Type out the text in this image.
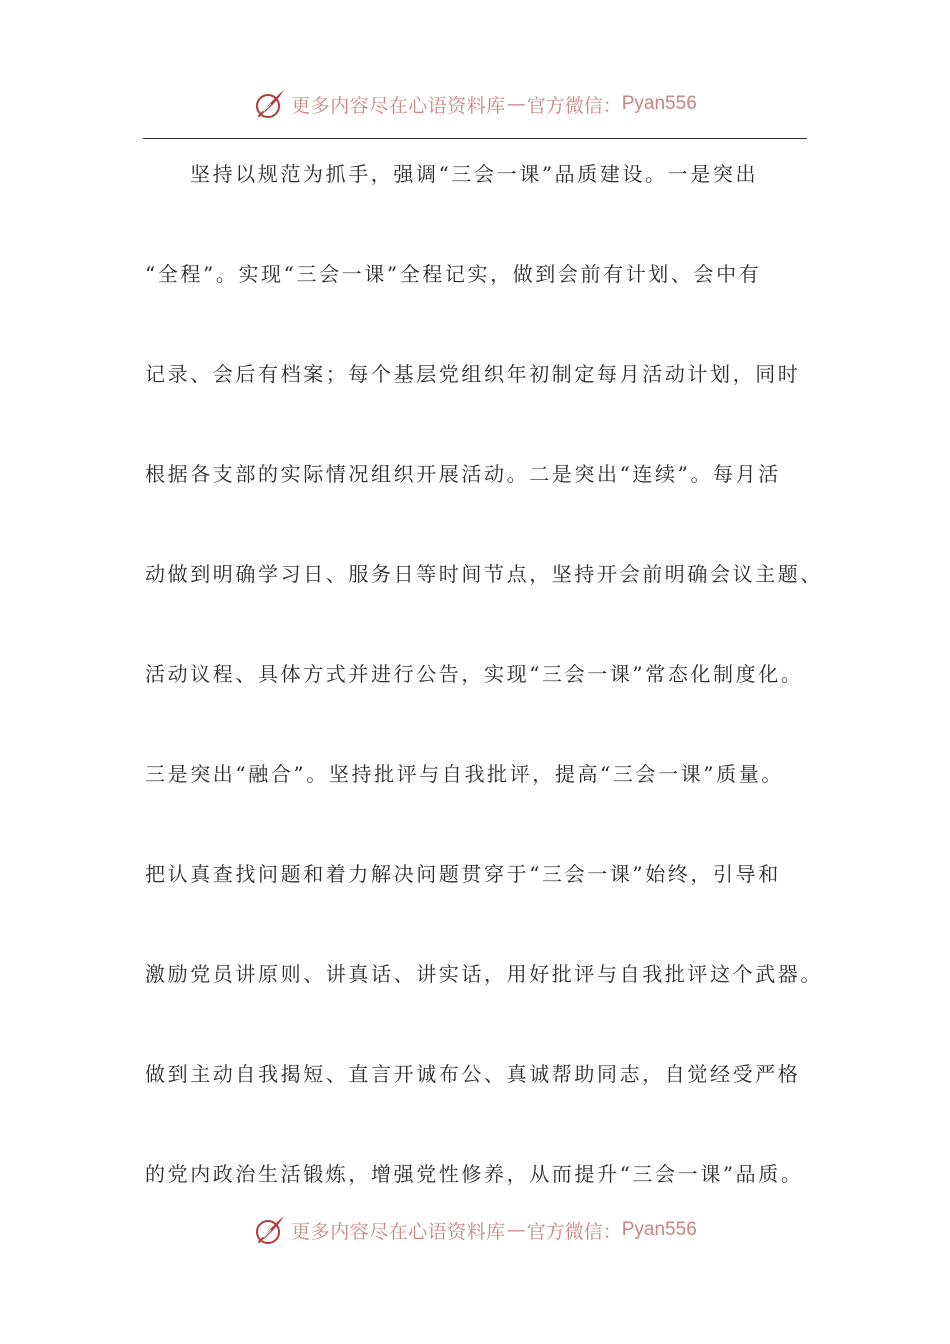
更多内容尽在心语资料库 — 官方微信： Pyan556
坚持以规范为抓手，强调“三会一课”品质建设。一是突出
“全程”。实现“三会一课”全程记实，做到会前有计划、会中有
记录、会后有档案；每个基层党组织年初制定每月活动计划，同时
根据各支部的实际情况组织开展活动。二是突出“连续”。每月活
动做到明确学习日、服务日等时间节点，坚持开会前明确会议主题、
活动议程、具体方式并进行公告，实现“三会一课”常态化制度化。
三是突出“融合”。坚持批评与自我批评，提高“三会一课”质量。
把认真查找问题和着力解决问题贯穿于“三会一课”始终，引导和
激励党员讲原则、讲真话、讲实话，用好批评与自我批评这个武器。
做到主动自我揭短、直言开诚布公、真诚帮助同志，自觉经受严格
的党内政治生活锻炼，增强党性修养，从而提升“三会一课”品质。
更多内容尽在心语资料库 — 官方微信： Pyan556
